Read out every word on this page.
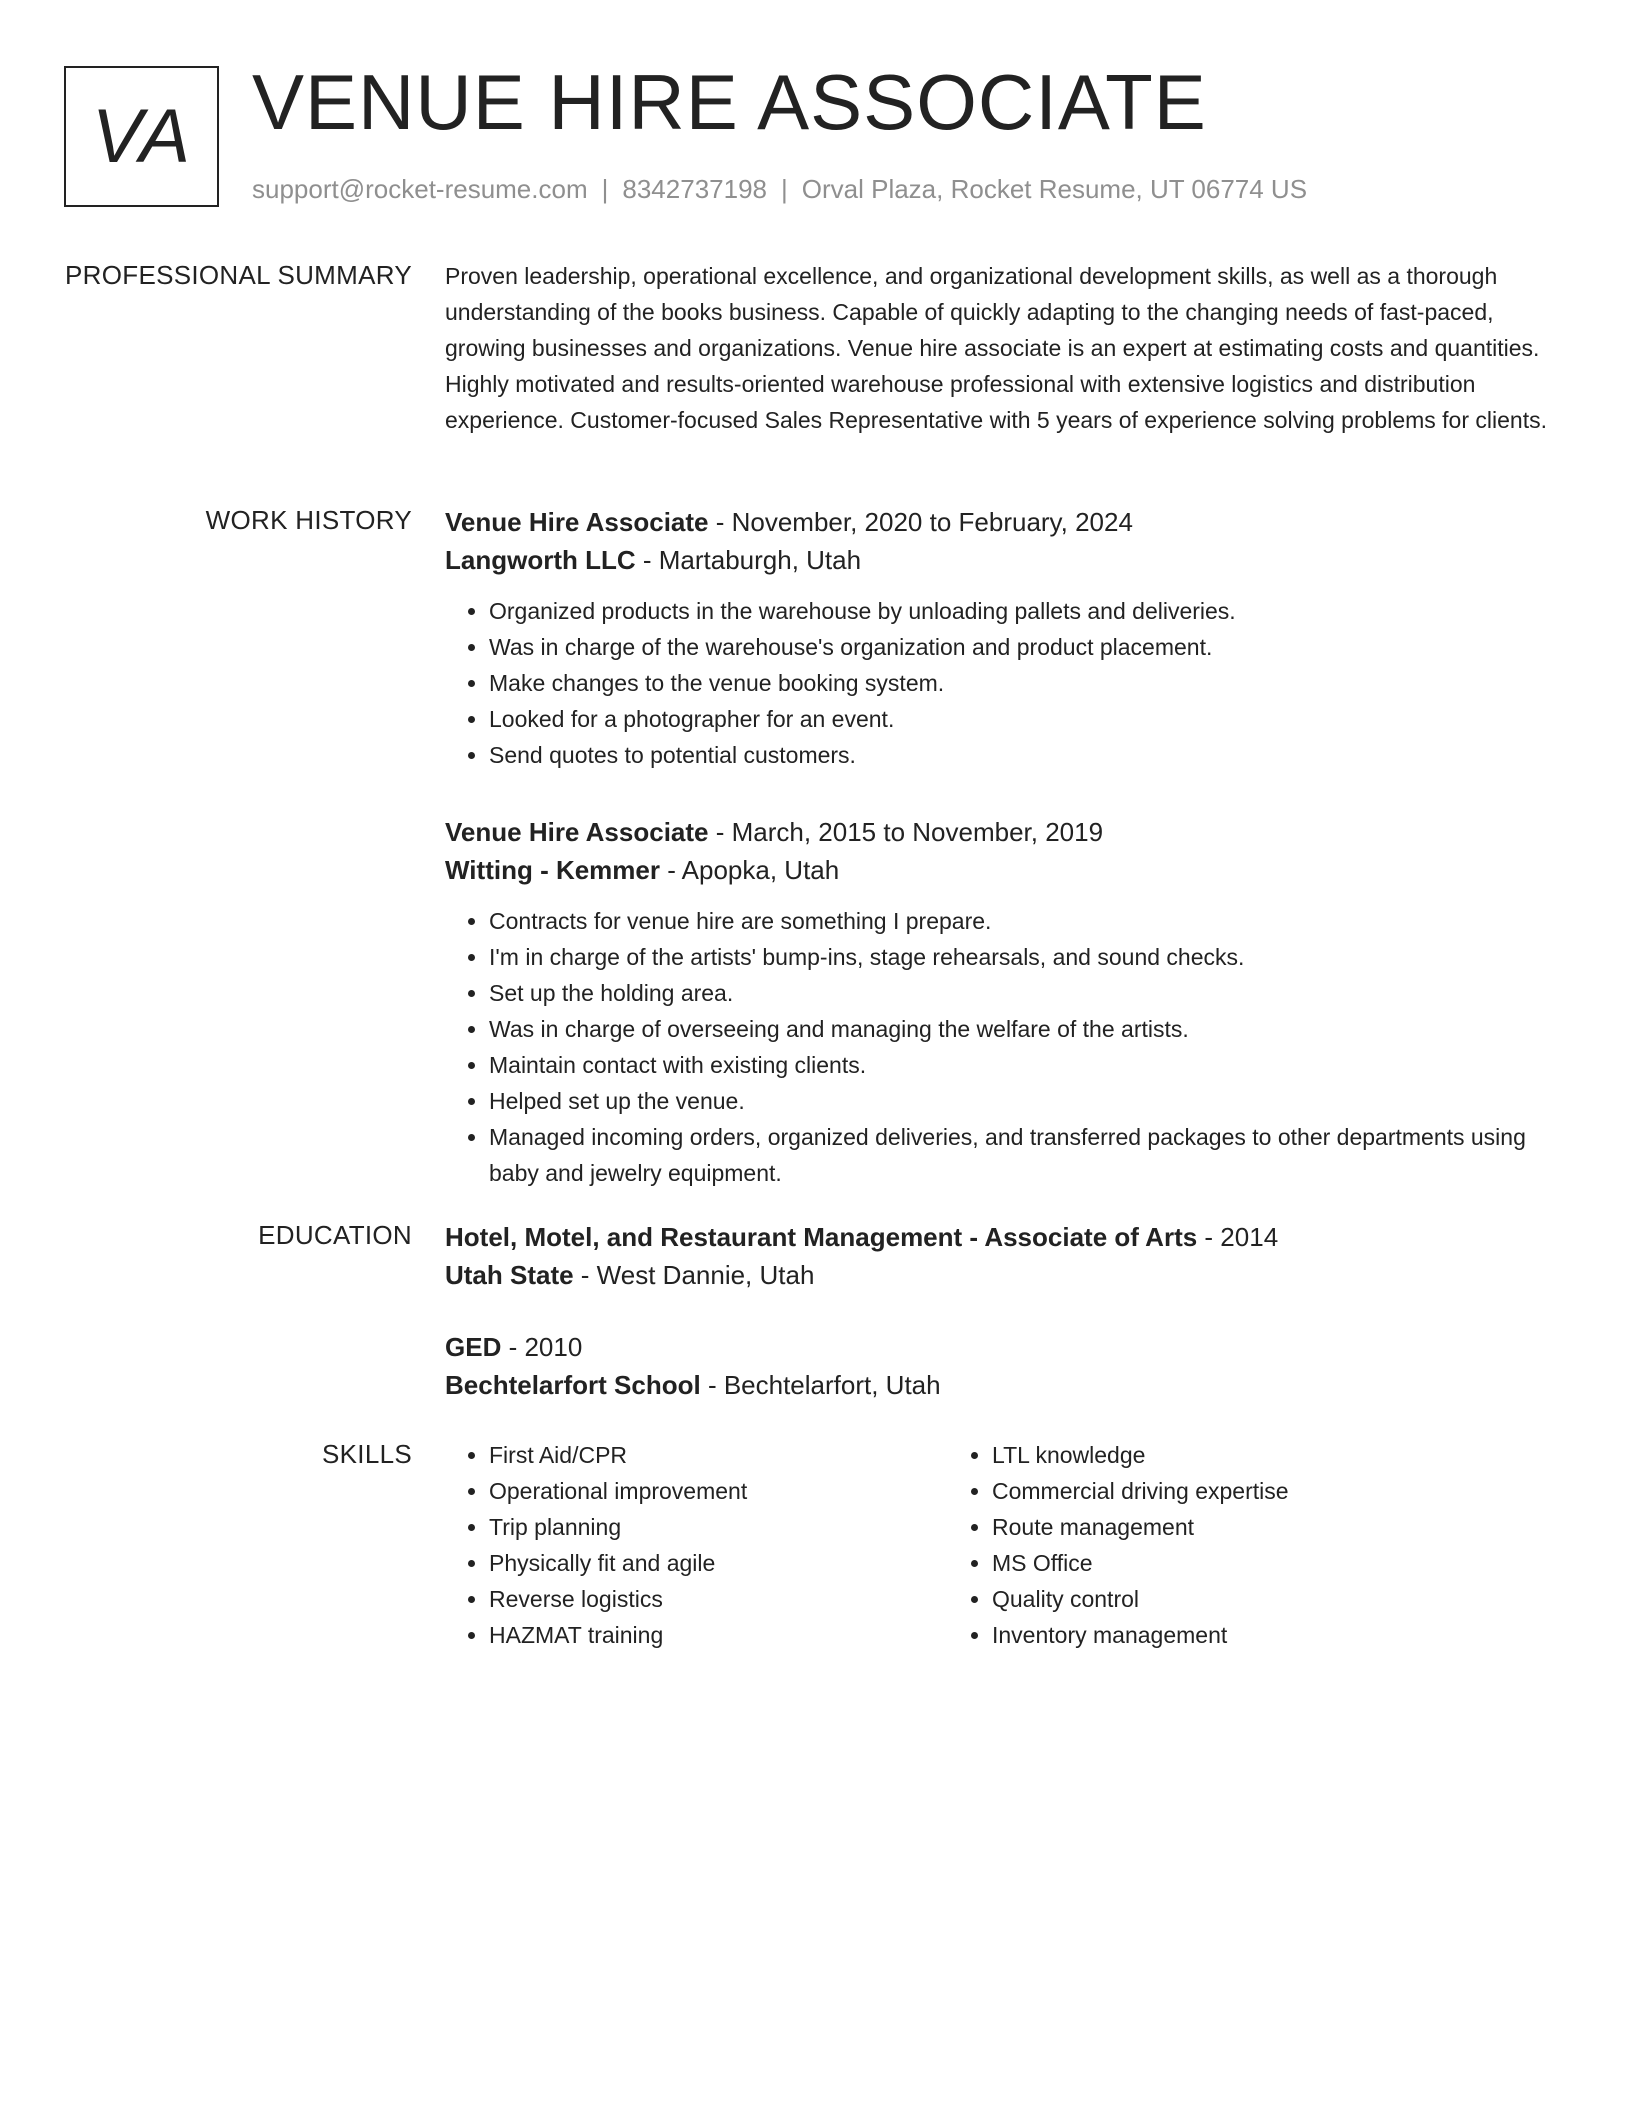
VA VENUE HIRE ASSOCIATE
support@rocket-resume.com | 8342737198 | Orval Plaza, Rocket Resume, UT 06774 US
PROFESSIONAL SUMMARY Proven leadership, operational excellence, and organizational development skills, as well as a thorough understanding of the books business. Capable of quickly adapting to the changing needs of fast-paced, growing businesses and organizations. Venue hire associate is an expert at estimating costs and quantities. Highly motivated and results-oriented warehouse professional with extensive logistics and distribution experience. Customer-focused Sales Representative with 5 years of experience solving problems for clients.

WORK HISTORY Venue Hire Associate - November, 2020 to February, 2024
Langworth LLC - Martaburgh, Utah
• Organized products in the warehouse by unloading pallets and deliveries.
• Was in charge of the warehouse's organization and product placement.
• Make changes to the venue booking system.
• Looked for a photographer for an event.
• Send quotes to potential customers.
Venue Hire Associate - March, 2015 to November, 2019
Witting - Kemmer - Apopka, Utah
• Contracts for venue hire are something I prepare.
• I'm in charge of the artists' bump-ins, stage rehearsals, and sound checks.
• Set up the holding area.
• Was in charge of overseeing and managing the welfare of the artists.
• Maintain contact with existing clients.
• Helped set up the venue.
• Managed incoming orders, organized deliveries, and transferred packages to other departments using baby and jewelry equipment.
EDUCATION Hotel, Motel, and Restaurant Management - Associate of Arts - 2014
Utah State - West Dannie, Utah
GED - 2010
Bechtelarfort School - Bechtelarfort, Utah
SKILLS
•	First Aid/CPR
• Operational improvement
• Trip planning
• Physically fit and agile
• Reverse logistics
• HAZMAT training
• LTL knowledge
• Commercial driving expertise
• Route management
• MS Office
• Quality control
• Inventory management
